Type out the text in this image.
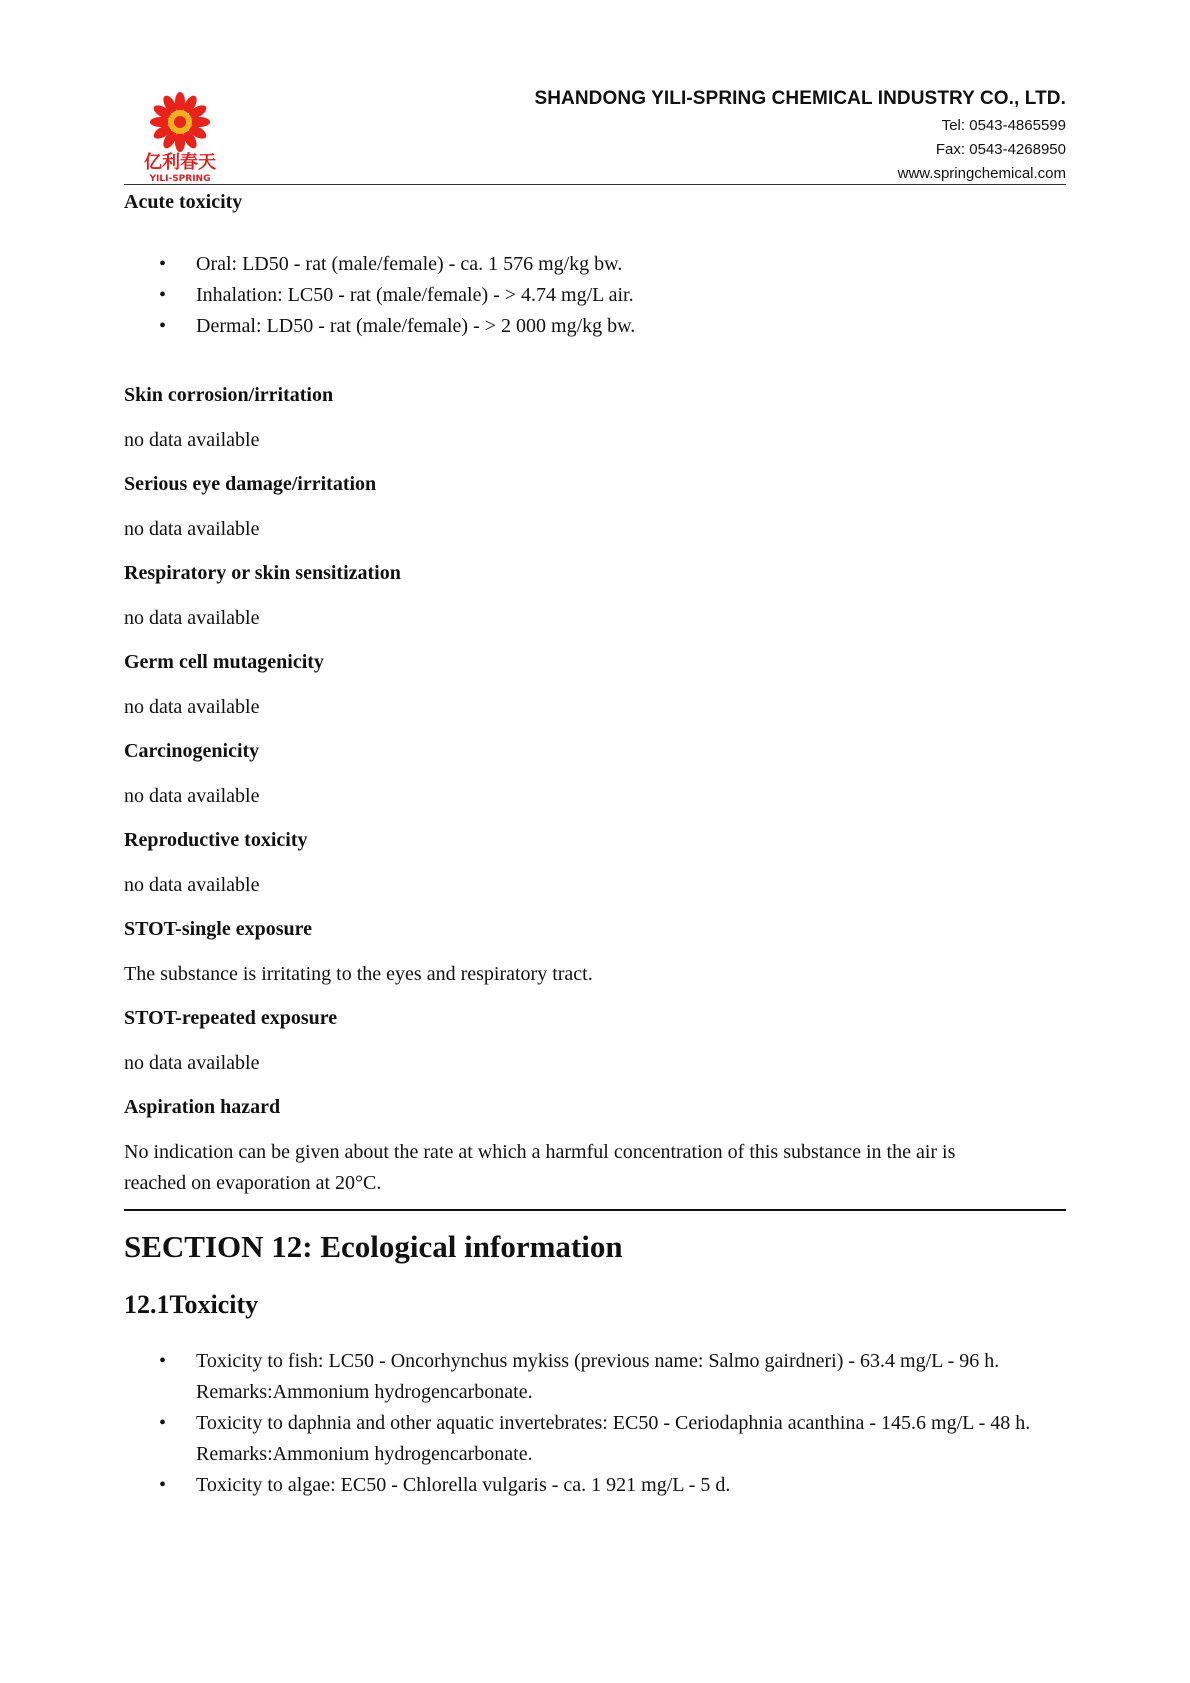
亿利春天
YILI-SPRING
SHANDONG YILI-SPRING CHEMICAL INDUSTRY CO., LTD.
Tel: 0543-4865599
Fax: 0543-4268950
www.springchemical.com

Acute toxicity

• Oral: LD50 - rat (male/female) - ca. 1 576 mg/kg bw.
• Inhalation: LC50 - rat (male/female) - > 4.74 mg/L air.
• Dermal: LD50 - rat (male/female) - > 2 000 mg/kg bw.

Skin corrosion/irritation

no data available

Serious eye damage/irritation

no data available

Respiratory or skin sensitization

no data available

Germ cell mutagenicity

no data available

Carcinogenicity

no data available

Reproductive toxicity

no data available

STOT-single exposure

The substance is irritating to the eyes and respiratory tract.

STOT-repeated exposure

no data available

Aspiration hazard

No indication can be given about the rate at which a harmful concentration of this substance in the air is

reached on evaporation at 20°C.

SECTION 12: Ecological information

12.1Toxicity

• Toxicity to fish: LC50 - Oncorhynchus mykiss (previous name: Salmo gairdneri) - 63.4 mg/L - 96 h.
Remarks:Ammonium hydrogencarbonate.
• Toxicity to daphnia and other aquatic invertebrates: EC50 - Ceriodaphnia acanthina - 145.6 mg/L - 48 h.
Remarks:Ammonium hydrogencarbonate.
• Toxicity to algae: EC50 - Chlorella vulgaris - ca. 1 921 mg/L - 5 d.
